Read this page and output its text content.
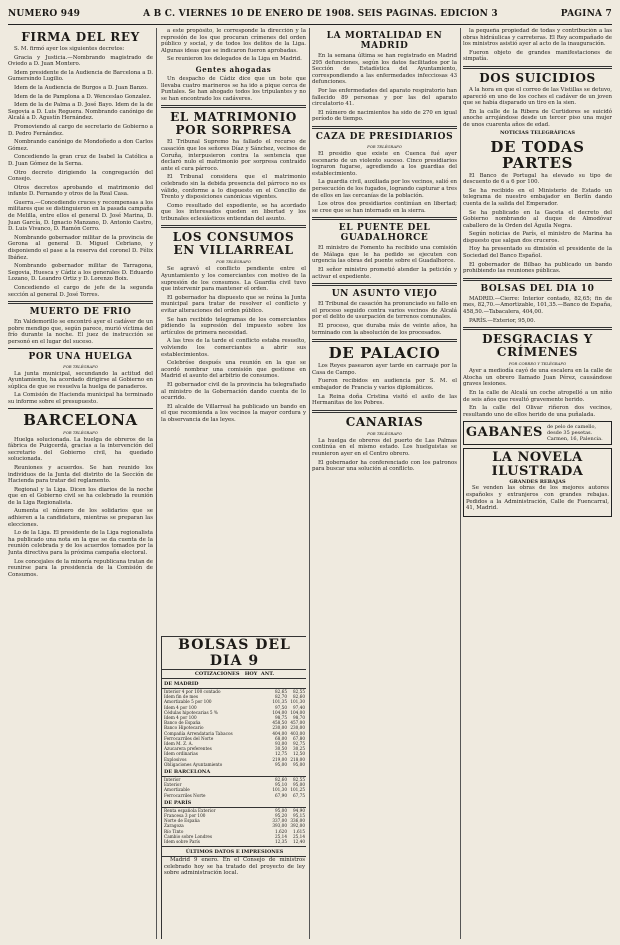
NUMERO 949	A B C. VIERNES 10 DE ENERO DE 1908. SEIS PAGINAS. EDICION 3	PAGINA 7
FIRMA DEL REY

S. M. firmó ayer los siguientes decretos:

Gracia y Justicia.—Nombrando magistrado de Oviedo a D. Juan Montero.

Idem presidente de la Audiencia de Barcelona a D. Gumersindo Lugilio.

Idem de la Audiencia de Burgos a D. Juan Banzo.

Idem de la de Pamplona a D. Wenceslao Gonzalez.

Idem de la de Palma a D. José Bayo. Idem de la de Segovia a D. Luis Reguera. Nombrando canónigo de Alcalá a D. Agustín Hernández.

Promoviendo al cargo de secretario de Gobierno a D. Pedro Fernández.

Nombrando canónigo de Mondoñedo a don Carlos Gómez.

Concediendo la gran cruz de Isabel la Católica a D. Juan Gómez de la Serna.

Otro decreto dirigiendo la congregación del Consejo.

Otros decretos aprobando el matrimonio del infante D. Fernando y otros de la Real Casa.

Guerra.—Concediendo cruces y recompensas a los militares que se distinguieron en la pasada campaña de Melilla, entre ellos el general D. José Marina, D. Juan García, D. Ignacio Manzano, D. Antonio Castro, D. Luis Vivanco, D. Ramón Cerro.

Nombrando gobernador militar de la provincia de Gerona al general D. Miguel Cebriano, y disponiendo el pase a la reserva del coronel D. Félix Ibáñez.

Nombrando gobernador militar de Tarragona, Segovia, Huesca y Cádiz a los generales D. Eduardo Lozano, D. Leandro Ortiz y D. Lorenzo Boix.

Concediendo el cargo de jefe de la segunda sección al general D. José Torres.

MUERTO DE FRIO

En Valdemorillo se encontró ayer el cadáver de un pobre mendigo que, según parece, murió víctima del frío durante la noche. El juez de instrucción se personó en el lugar del suceso.

POR UNA HUELGA
POR TELÉGRAFO

La junta municipal, secundando la actitud del Ayuntamiento, ha acordado dirigirse al Gobierno en súplica de que se resuelva la huelga de panaderos.

La Comisión de Hacienda municipal ha terminado su informe sobre el presupuesto.

BARCELONA
POR TELÉGRAFO

Huelga solucionada. La huelga de obreros de la fábrica de Puigcerdá, gracias a la intervención del secretario del Gobierno civil, ha quedado solucionada.

Reuniones y acuerdos. Se han reunido los individuos de la Junta del distrito de la Sección de Hacienda para tratar del reglamento.

Regional y la Liga. Dicen los diarios de la noche que en el Gobierno civil se ha celebrado la reunión de la Liga Regionalista.

Aumenta el número de los solidarios que se adhieren a la candidatura, mientras se preparan las elecciones.

Lo de la Liga. El presidente de la Liga regionalista ha publicado una nota en la que se da cuenta de la reunión celebrada y de los acuerdos tomados por la Junta directiva para la próxima campaña electoral.

Los concejales de la minoría republicana tratan de reunirse para la presidencia de la Comisión de Consumos.

a este propósito, le corresponde la dirección y la represión de los que procuran crímenes del orden público y social, y de todos los delitos de la Liga. Algunas ideas que se indicaron fueron aprobadas.

Se reunieron los delegados de la Liga en Madrid.

Gentes ahogadas

Un despacho de Cádiz dice que un bote que llevaba cuatro marineros se ha ido a pique cerca de Puntales. Se han ahogado todos los tripulantes y no se han encontrado los cadáveres.

EL MATRIMONIO POR SORPRESA

El Tribunal Supremo ha fallado el recurso de casación que los señores Díaz y Sánchez, vecinos de Coruña, interpusieron contra la sentencia que declaró nulo el matrimonio por sorpresa contraído ante el cura párroco.

El Tribunal considera que el matrimonio celebrado sin la debida presencia del párroco no es válido, conforme a lo dispuesto en el Concilio de Trento y disposiciones canónicas vigentes.

Como resultado del expediente, se ha acordado que los interesados queden en libertad y los tribunales eclesiásticos entiendan del asunto.

LOS CONSUMOS EN VILLARREAL
POR TELÉGRAFO

Se agravó el conflicto pendiente entre el Ayuntamiento y los comerciantes con motivo de la supresión de los consumos. La Guardia civil tuvo que intervenir para mantener el orden.

El gobernador ha dispuesto que se reúna la Junta municipal para tratar de resolver el conflicto y evitar alteraciones del orden público.

Se han recibido telegramas de los comerciantes pidiendo la supresión del impuesto sobre los artículos de primera necesidad.

A las tres de la tarde el conflicto estaba resuelto, volviendo los comerciantes a abrir sus establecimientos.

Celebróse después una reunión en la que se acordó nombrar una comisión que gestione en Madrid el asunto del arbitrio de consumos.

El gobernador civil de la provincia ha telegrafiado al ministro de la Gobernación dando cuenta de lo ocurrido.

El alcalde de Villarreal ha publicado un bando en el que recomienda a los vecinos la mayor cordura y la observancia de las leyes.

BOLSAS DEL DIA 9
COTIZACIONES HOY ANT.
DE MADRID
Interior 4 por 100 contado	82,65	82,55
Idem fin de mes	82,70	82,60
Amortizable 5 por 100	101,35 101,30
Idem 4 por 100	97,50	97,40
Cédulas hipotecarias 5 %	104,00 104,00
Idem 4 por 100	98,75	98,70
Banco de España	458,50 457,00
Banco Hipotecario	230,00 230,00
Compañía Arrendataria Tabacos	404,00 403,00
Ferrocarriles del Norte	68,00	67,80
Idem M. Z. A.	93,00	92,75
Azucarera preferentes	30,50	30,25
Idem ordinarias	12,75	12,50
Explosivos	219,00 218,00
Obligaciones Ayuntamiento	95,00	95,00
DE BARCELONA
Interior	82,60	82,55
Exterior	95,10	95,00
Amortizable	101,30 101,25
Ferrocarriles Norte	67,90	67,75
DE PARÍS
Renta española Exterior	95,00	94,90
Francesa 3 por 100	95,20	95,15
Norte de España	337,00 336,00
Zaragoza	393,00 392,00
Río Tinto	1.620	1.615
Cambio sobre Londres	25,14	25,14
Idem sobre París	12,35	12,40
ÚLTIMOS DATOS E IMPRESIONES

Madrid 9 enero. En el Consejo de ministros celebrado hoy se ha tratado del proyecto de ley sobre administración local.

LA MORTALIDAD EN MADRID

En la semana última se han registrado en Madrid 295 defunciones, según los datos facilitados por la Sección de Estadística del Ayuntamiento, correspondiendo a las enfermedades infecciosas 43 defunciones.

Por las enfermedades del aparato respiratorio han fallecido 89 personas y por las del aparato circulatorio 41.

El número de nacimientos ha sido de 270 en igual período de tiempo.

CAZA DE PRESIDIARIOS
POR TELÉGRAFO

El presidio que existe en Cuenca fué ayer escenario de un violento suceso. Cinco presidiarios lograron fugarse, agrediendo a los guardias del establecimiento.

La guardia civil, auxiliada por los vecinos, salió en persecución de los fugados, logrando capturar a tres de ellos en las cercanías de la población.

Los otros dos presidiarios continúan en libertad; se cree que se han internado en la sierra.

EL PUENTE DEL GUADALHORCE

El ministro de Fomento ha recibido una comisión de Málaga que le ha pedido se ejecuten con urgencia las obras del puente sobre el Guadalhorce.

El señor ministro prometió atender la petición y activar el expediente.

UN ASUNTO VIEJO

El Tribunal de casación ha pronunciado su fallo en el proceso seguido contra varios vecinos de Alcalá por el delito de usurpación de terrenos comunales.

El proceso, que duraba más de veinte años, ha terminado con la absolución de los procesados.

DE PALACIO

Los Reyes pasearon ayer tarde en carruaje por la Casa de Campo.

Fueron recibidos en audiencia por S. M. el embajador de Francia y varios diplomáticos.

La Reina doña Cristina visitó el asilo de las Hermanitas de los Pobres.

CANARIAS
POR TELÉGRAFO

La huelga de obreros del puerto de Las Palmas continúa en el mismo estado. Los huelguistas se reunieron ayer en el Centro obrero.

El gobernador ha conferenciado con los patronos para buscar una solución al conflicto.

la pequeña propiedad de todas y contribución a las obras hidráulicas y carreteras. El Rey acompañado de los ministros asistió ayer al acto de la inauguración.

Fueron objeto de grandes manifestaciones de simpatía.

DOS SUICIDIOS

A la hora en que el correo de las Vistillas se detuvo, apareció en uno de los coches el cadáver de un joven que se había disparado un tiro en la sien.

En la calle de la Ribera de Curtidores se suicidó anoche arrojándose desde un tercer piso una mujer de unos cuarenta años de edad.

NOTICIAS TELEGRÁFICAS
DE TODAS PARTES

El Banco de Portugal ha elevado su tipo de descuento de 6 a 6 por 100.

Se ha recibido en el Ministerio de Estado un telegrama de nuestro embajador en Berlín dando cuenta de la salida del Emperador.

Se ha publicado en la Gaceta el decreto del Gobierno nombrando al duque de Almodóvar caballero de la Orden del Águila Negra.

Según noticias de París, el ministro de Marina ha dispuesto que salgan dos cruceros.

Hoy ha presentado su dimisión el presidente de la Sociedad del Banco Español.

El gobernador de Bilbao ha publicado un bando prohibiendo las reuniones públicas.

BOLSAS DEL DIA 10

MADRID.—Cierre: Interior contado, 82,65; fin de mes, 82,70.—Amortizable, 101,35.—Banco de España, 458,50.—Tabacalera, 404,00.

PARÍS.—Exterior, 95,00.

DESGRACIAS Y CRÍMENES
POR CORREO Y TELÉGRAFO

Ayer a mediodía cayó de una escalera en la calle de Atocha un obrero llamado Juan Pérez, causándose graves lesiones.

En la calle de Alcalá un coche atropelló a un niño de seis años que resultó gravemente herido.

En la calle del Olivar riñeron dos vecinos, resultando uno de ellos herido de una puñalada.

GABANES de pelo de camello, desde 35 pesetas. Carmen, 16, Palencia.
LA NOVELA ILUSTRADA
GRANDES REBAJAS

Se venden las obras de los mejores autores españoles y extranjeros con grandes rebajas. Pedidos a la Administración, Calle de Fuencarral, 41, Madrid.
